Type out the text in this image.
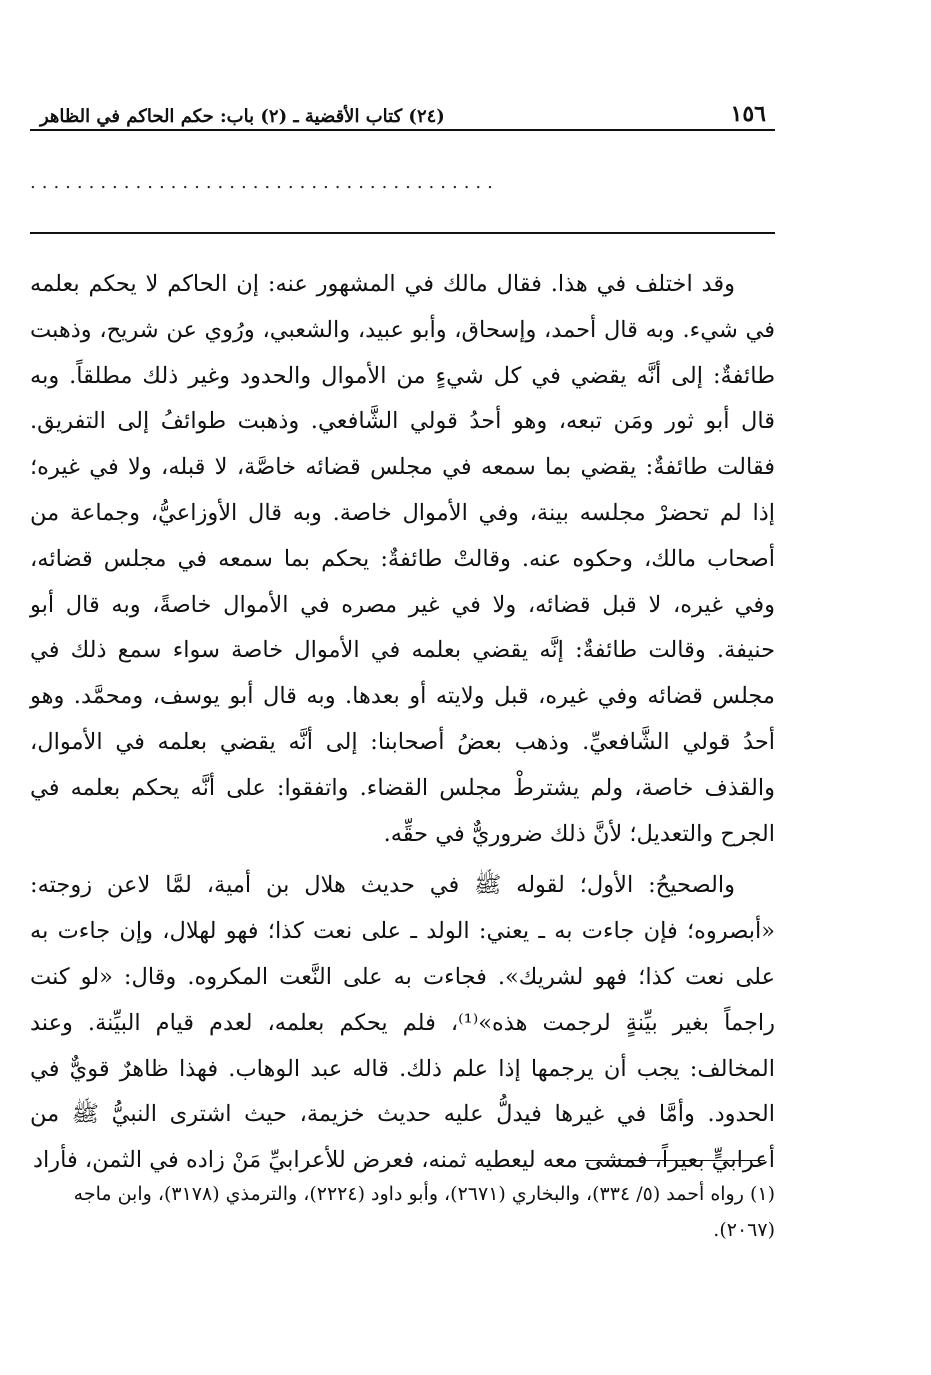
١٥٦
(٢٤) كتاب الأقضية ـ (٢) باب: حكم الحاكم في الظاهر
........................................

وقد اختلف في هذا. فقال مالك في المشهور عنه: إن الحاكم لا يحكم بعلمه في شيء. وبه قال أحمد، وإسحاق، وأبو عبيد، والشعبي، ورُوي عن شريح، وذهبت طائفةٌ: إلى أنَّه يقضي في كل شيءٍ من الأموال والحدود وغير ذلك مطلقاً. وبه قال أبو ثور ومَن تبعه، وهو أحدُ قولي الشَّافعي. وذهبت طوائفُ إلى التفريق. فقالت طائفةٌ: يقضي بما سمعه في مجلس قضائه خاصَّة، لا قبله، ولا في غيره؛ إذا لم تحضرْ مجلسه بينة، وفي الأموال خاصة. وبه قال الأوزاعيُّ، وجماعة من أصحاب مالك، وحكوه عنه. وقالتْ طائفةٌ: يحكم بما سمعه في مجلس قضائه، وفي غيره، لا قبل قضائه، ولا في غير مصره في الأموال خاصةً، وبه قال أبو حنيفة. وقالت طائفةٌ: إنَّه يقضي بعلمه في الأموال خاصة سواء سمع ذلك في مجلس قضائه وفي غيره، قبل ولايته أو بعدها. وبه قال أبو يوسف، ومحمَّد. وهو أحدُ قولي الشَّافعيِّ. وذهب بعضُ أصحابنا: إلى أنَّه يقضي بعلمه في الأموال، والقذف خاصة، ولم يشترطْ مجلس القضاء. واتفقوا: على أنَّه يحكم بعلمه في الجرح والتعديل؛ لأنَّ ذلك ضروريٌّ في حقِّه.

والصحيحُ: الأول؛ لقوله ﷺ في حديث هلال بن أمية، لمَّا لاعن زوجته: «أبصروه؛ فإن جاءت به ـ يعني: الولد ـ على نعت كذا؛ فهو لهلال، وإن جاءت به على نعت كذا؛ فهو لشريك». فجاءت به على النَّعت المكروه. وقال: «لو كنت راجماً بغير بيِّنةٍ لرجمت هذه»⁽¹⁾، فلم يحكم بعلمه، لعدم قيام البيِّنة. وعند المخالف: يجب أن يرجمها إذا علم ذلك. قاله عبد الوهاب. فهذا ظاهرٌ قويٌّ في الحدود. وأمَّا في غيرها فيدلُّ عليه حديث خزيمة، حيث اشترى النبيُّ ﷺ من أعرابيٍّ بعيراً، فمشى معه ليعطيه ثمنه، فعرض للأعرابيِّ مَنْ زاده في الثمن، فأراد

(١) رواه أحمد (٥/ ٣٣٤)، والبخاري (٢٦٧١)، وأبو داود (٢٢٢٤)، والترمذي (٣١٧٨)، وابن ماجه (٢٠٦٧).
